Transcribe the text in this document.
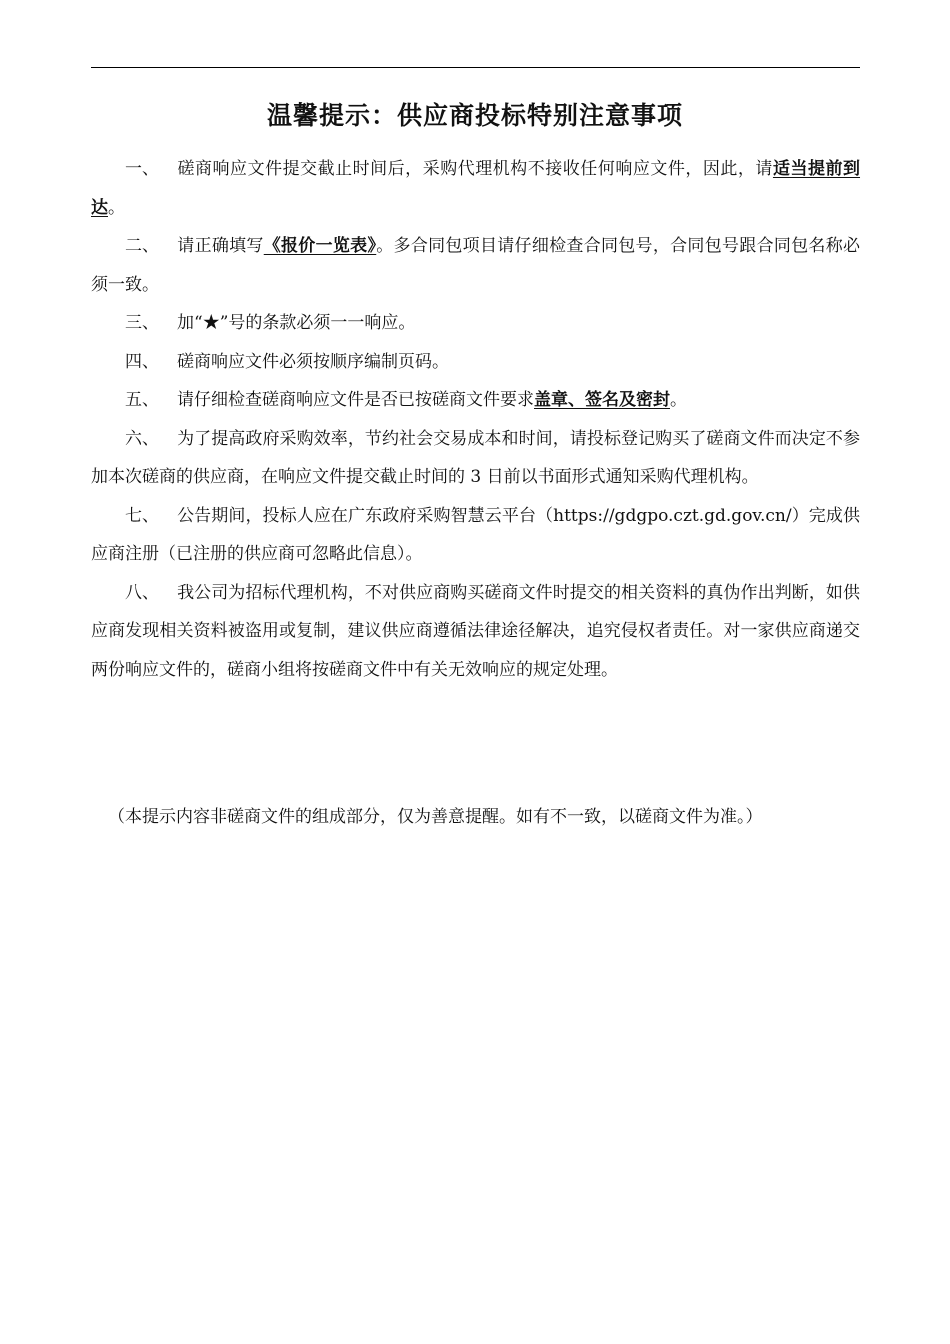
温馨提示：供应商投标特别注意事项

一、 磋商响应文件提交截止时间后，采购代理机构不接收任何响应文件，因此，请适当提前到达。

二、 请正确填写《报价一览表》。多合同包项目请仔细检查合同包号，合同包号跟合同包名称必须一致。

三、 加“★”号的条款必须一一响应。

四、 磋商响应文件必须按顺序编制页码。

五、 请仔细检查磋商响应文件是否已按磋商文件要求盖章、签名及密封。

六、 为了提高政府采购效率，节约社会交易成本和时间，请投标登记购买了磋商文件而决定不参加本次磋商的供应商，在响应文件提交截止时间的 3 日前以书面形式通知采购代理机构。

七、 公告期间，投标人应在广东政府采购智慧云平台（https://gdgpo.czt.gd.gov.cn/）完成供应商注册（已注册的供应商可忽略此信息）。

八、 我公司为招标代理机构，不对供应商购买磋商文件时提交的相关资料的真伪作出判断，如供应商发现相关资料被盗用或复制，建议供应商遵循法律途径解决，追究侵权者责任。对一家供应商递交两份响应文件的，磋商小组将按磋商文件中有关无效响应的规定处理。

（本提示内容非磋商文件的组成部分，仅为善意提醒。如有不一致，以磋商文件为准。）
